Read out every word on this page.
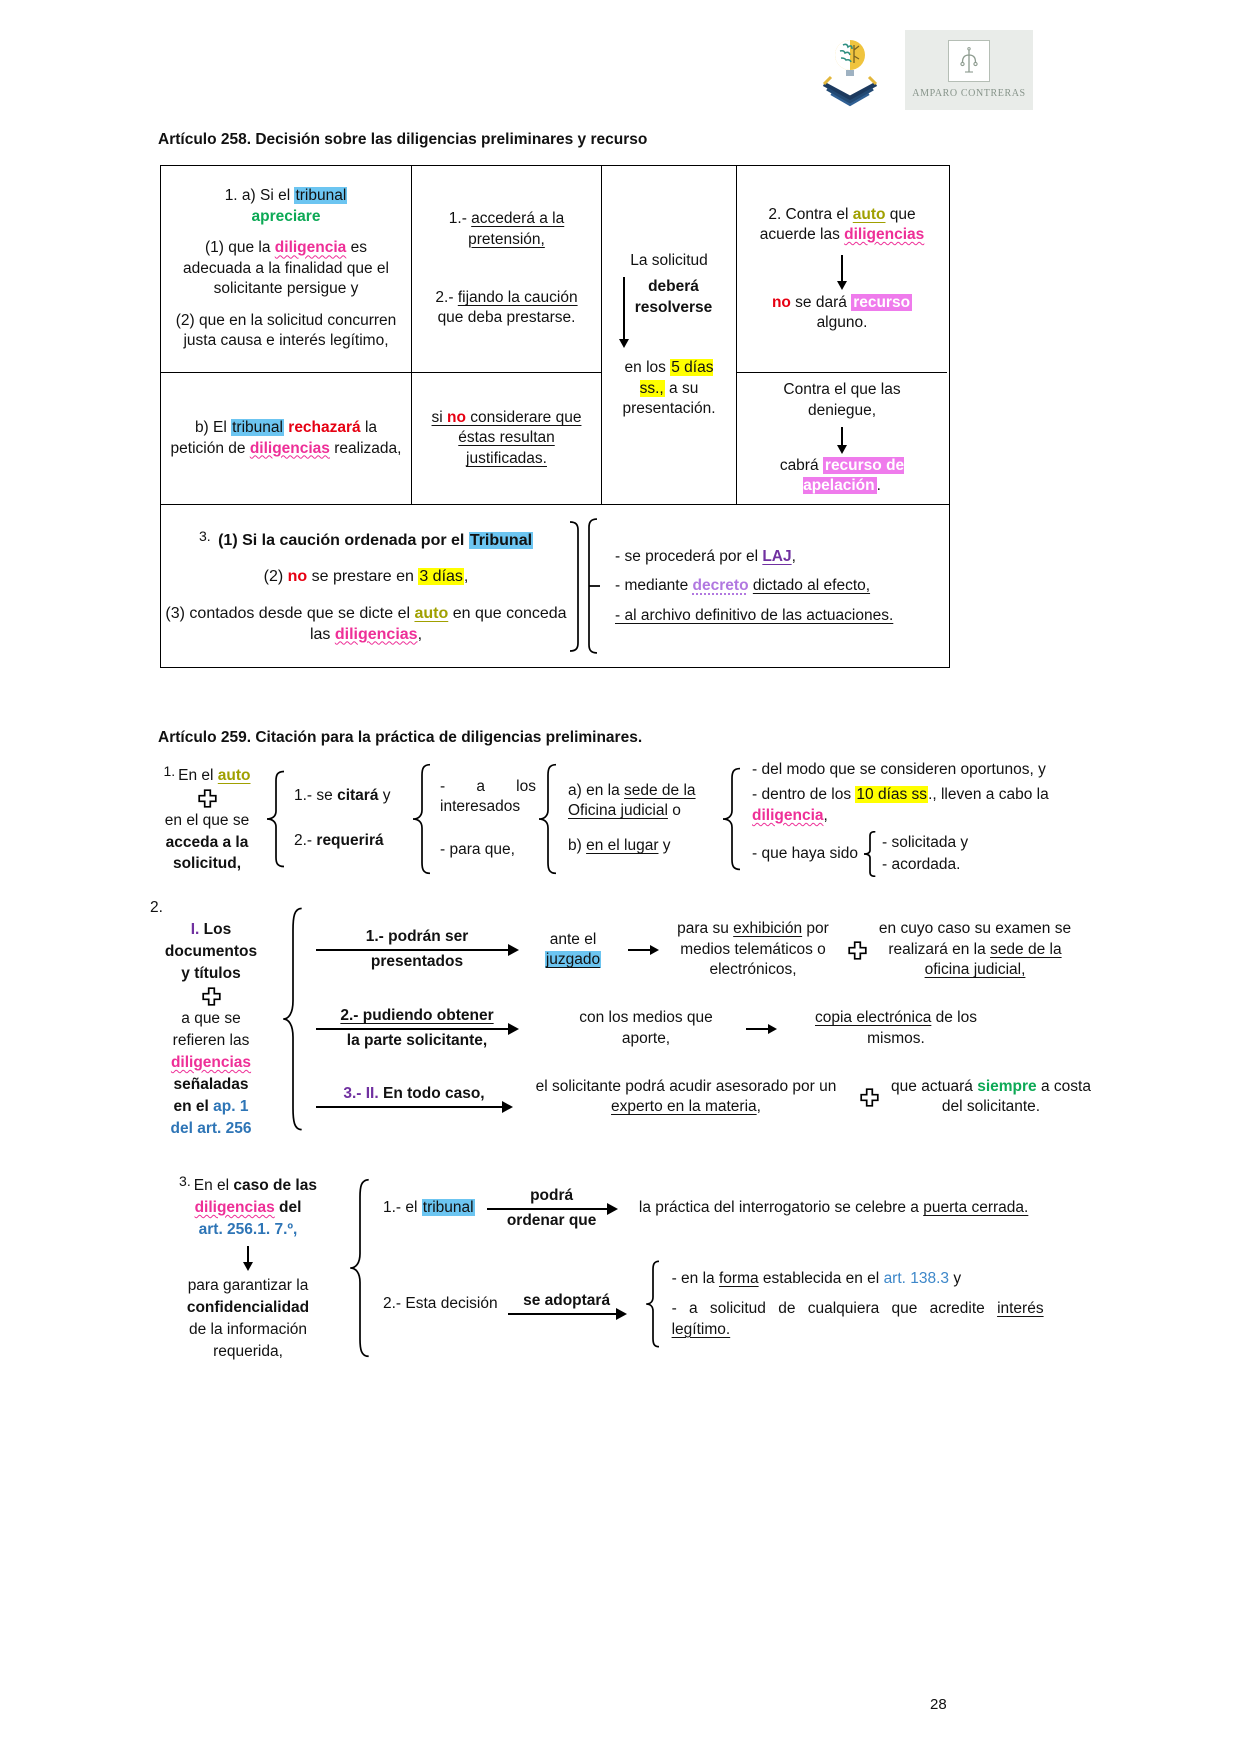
AMPARO CONTRERAS
Artículo 258. Decisión sobre las diligencias preliminares y recurso
1. a) Si el tribunal
apreciare
(1) que la diligencia es adecuada a la finalidad que el solicitante persigue y
(2) que en la solicitud concurren justa causa e interés legítimo,
1.- accederá a la pretensión,
2.- fijando la caución que deba prestarse.
La solicitud
deberá resolverse
en los 5 días ss., a su presentación.
2. Contra el auto que acuerde las diligencias
no se dará recurso alguno.
b) El tribunal rechazará la petición de diligencias realizada,
si no considerare que éstas resultan justificadas.
Contra el que las deniegue,
cabrá recurso de apelación .
3. (1) Si la caución ordenada por el Tribunal
(2) no se prestare en 3 días,
(3) contados desde que se dicte el auto en que conceda las diligencias,
- se procederá por el LAJ,
- mediante decreto dictado al efecto,
- al archivo definitivo de las actuaciones.
Artículo 259. Citación para la práctica de diligencias preliminares.
1. En el auto
en el que se
acceda a la
solicitud,
1.- se citará y
2.- requerirá
- a los
interesados
- para que,
a) en la sede de la Oficina judicial o
b) en el lugar y
- del modo que se consideren oportunos, y
- dentro de los 10 días ss., lleven a cabo la diligencia,
- que haya sido
- solicitada y
- acordada.
2.
I. Los
documentos
y títulos
a que se
refieren las
diligencias
señaladas
en el ap. 1
del art. 256
1.- podrán ser
presentados
ante el
juzgado
para su exhibición por medios telemáticos o electrónicos,
en cuyo caso su examen se realizará en la sede de la oficina judicial,
2.- pudiendo obtener
la parte solicitante,
con los medios que aporte,
copia electrónica de los mismos.
3.- II. En todo caso,	el solicitante podrá acudir asesorado por un experto en la materia,
que actuará siempre a costa del solicitante.
3. En el caso de las
diligencias del
art. 256.1. 7.º,
para garantizar la
confidencialidad
de la información
requerida,
1.- el tribunal
podrá
ordenar que
la práctica del interrogatorio se celebre a puerta cerrada.
2.- Esta decisión se adoptará
- en la forma establecida en el art. 138.3 y
- a solicitud de cualquiera que acredite interés legítimo.
28
